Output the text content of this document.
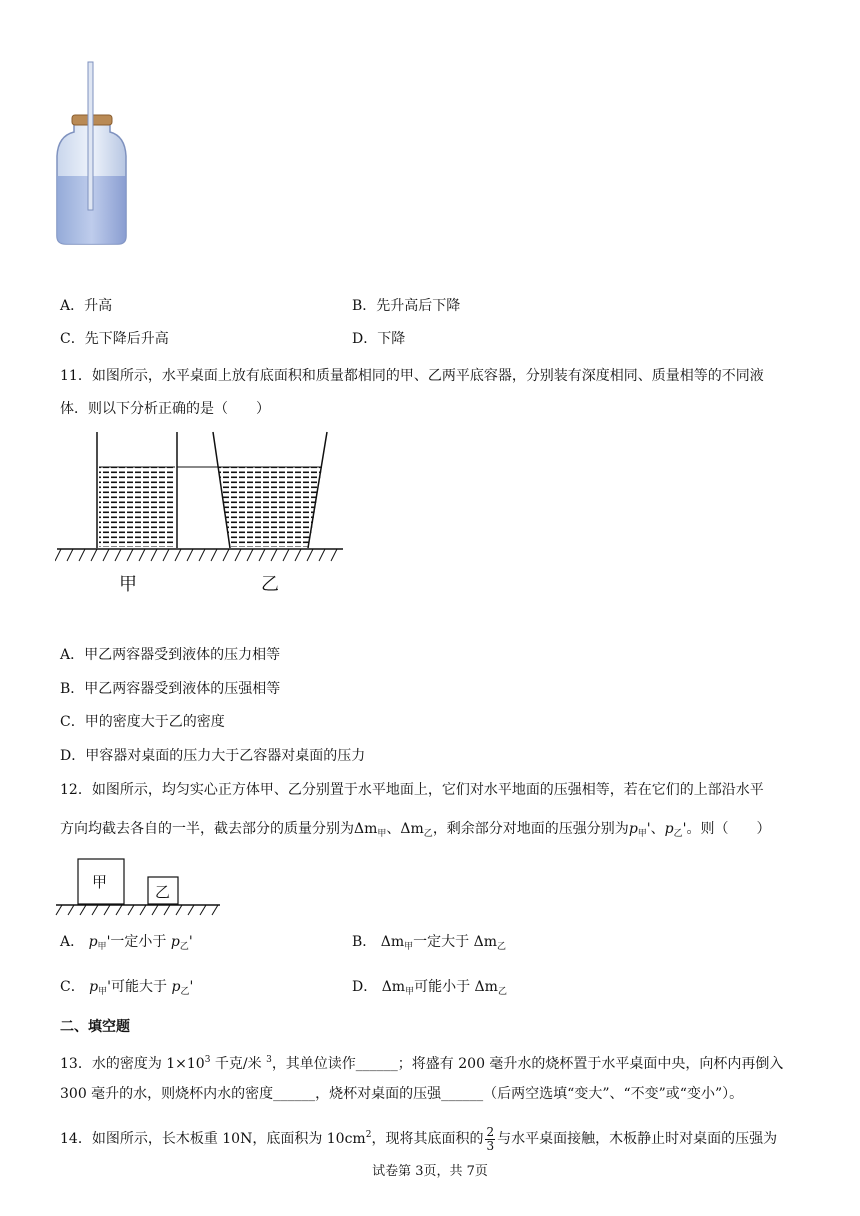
A．升高	B．先升高后下降
C．先下降后升高	D．下降
11．如图所示，水平桌面上放有底面积和质量都相同的甲、乙两平底容器，分别装有深度相同、质量相等的不同液
体．则以下分析正确的是（　　）
甲	乙
A．甲乙两容器受到液体的压力相等
B．甲乙两容器受到液体的压强相等
C．甲的密度大于乙的密度
D．甲容器对桌面的压力大于乙容器对桌面的压力
12．如图所示，均匀实心正方体甲、乙分别置于水平地面上，它们对水平地面的压强相等，若在它们的上部沿水平
方向均截去各自的一半，截去部分的质量分别为$\Delta m_甲$、$\Delta m_乙$，剩余部分对地面的压强分别为$p_甲'$、$p_乙'$。则（　　）
甲
乙
A． $p_甲'$一定小于 $p_乙'$	B． $\Delta m_甲$一定大于 $\Delta m_乙$
C． $p_甲'$可能大于 $p_乙'$	D． $\Delta m_甲$可能小于 $\Delta m_乙$
二、填空题
13．水的密度为 $1\times 10^3$ 千克/米 $^3$，其单位读作______；将盛有 200 毫升水的烧杯置于水平桌面中央，向杯内再倒入
300 毫升的水，则烧杯内水的密度______，烧杯对桌面的压强______（后两空选填“变大”、“不变”或“变小”）。
14．如图所示，长木板重 10N，底面积为 $10cm^2$，现将其底面积的 $\frac{2}{3}$ 与水平桌面接触，木板静止时对桌面的压强为
试卷第 3页，共 7页
